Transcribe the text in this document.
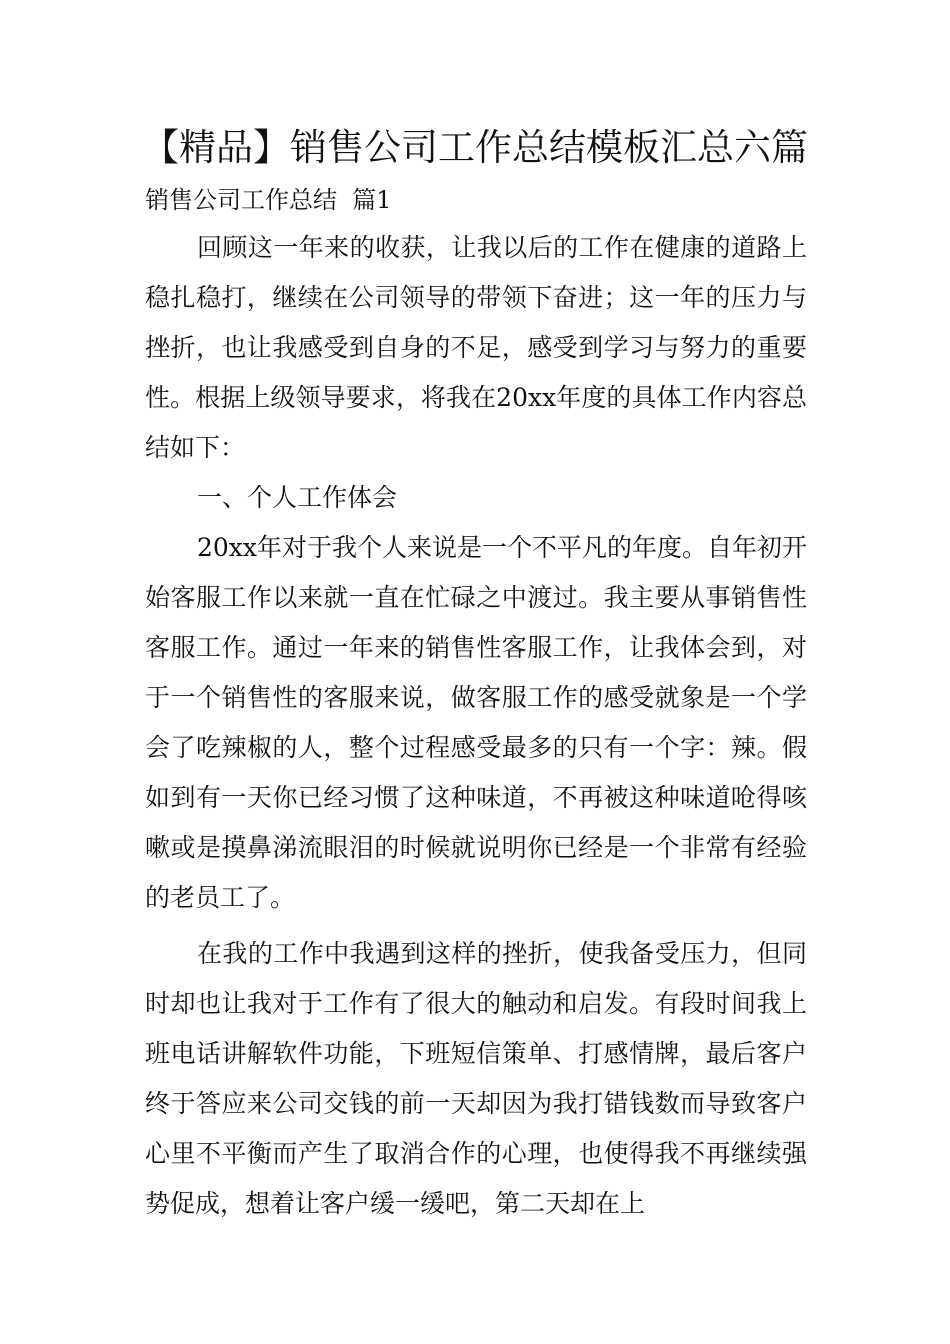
【精品】销售公司工作总结模板汇总六篇
销售公司工作总结  篇1

回顾这一年来的收获，让我以后的工作在健康的道路上稳扎稳打，继续在公司领导的带领下奋进；这一年的压力与挫折，也让我感受到自身的不足，感受到学习与努力的重要性。根据上级领导要求，将我在20xx年度的具体工作内容总结如下：

一、个人工作体会

20xx年对于我个人来说是一个不平凡的年度。自年初开始客服工作以来就一直在忙碌之中渡过。我主要从事销售性客服工作。通过一年来的销售性客服工作，让我体会到，对于一个销售性的客服来说，做客服工作的感受就象是一个学会了吃辣椒的人，整个过程感受最多的只有一个字：辣。假如到有一天你已经习惯了这种味道，不再被这种味道呛得咳嗽或是摸鼻涕流眼泪的时候就说明你已经是一个非常有经验的老员工了。

在我的工作中我遇到这样的挫折，使我备受压力，但同时却也让我对于工作有了很大的触动和启发。有段时间我上班电话讲解软件功能，下班短信策单、打感情牌，最后客户终于答应来公司交钱的前一天却因为我打错钱数而导致客户心里不平衡而产生了取消合作的心理，也使得我不再继续强势促成，想着让客户缓一缓吧，第二天却在上
